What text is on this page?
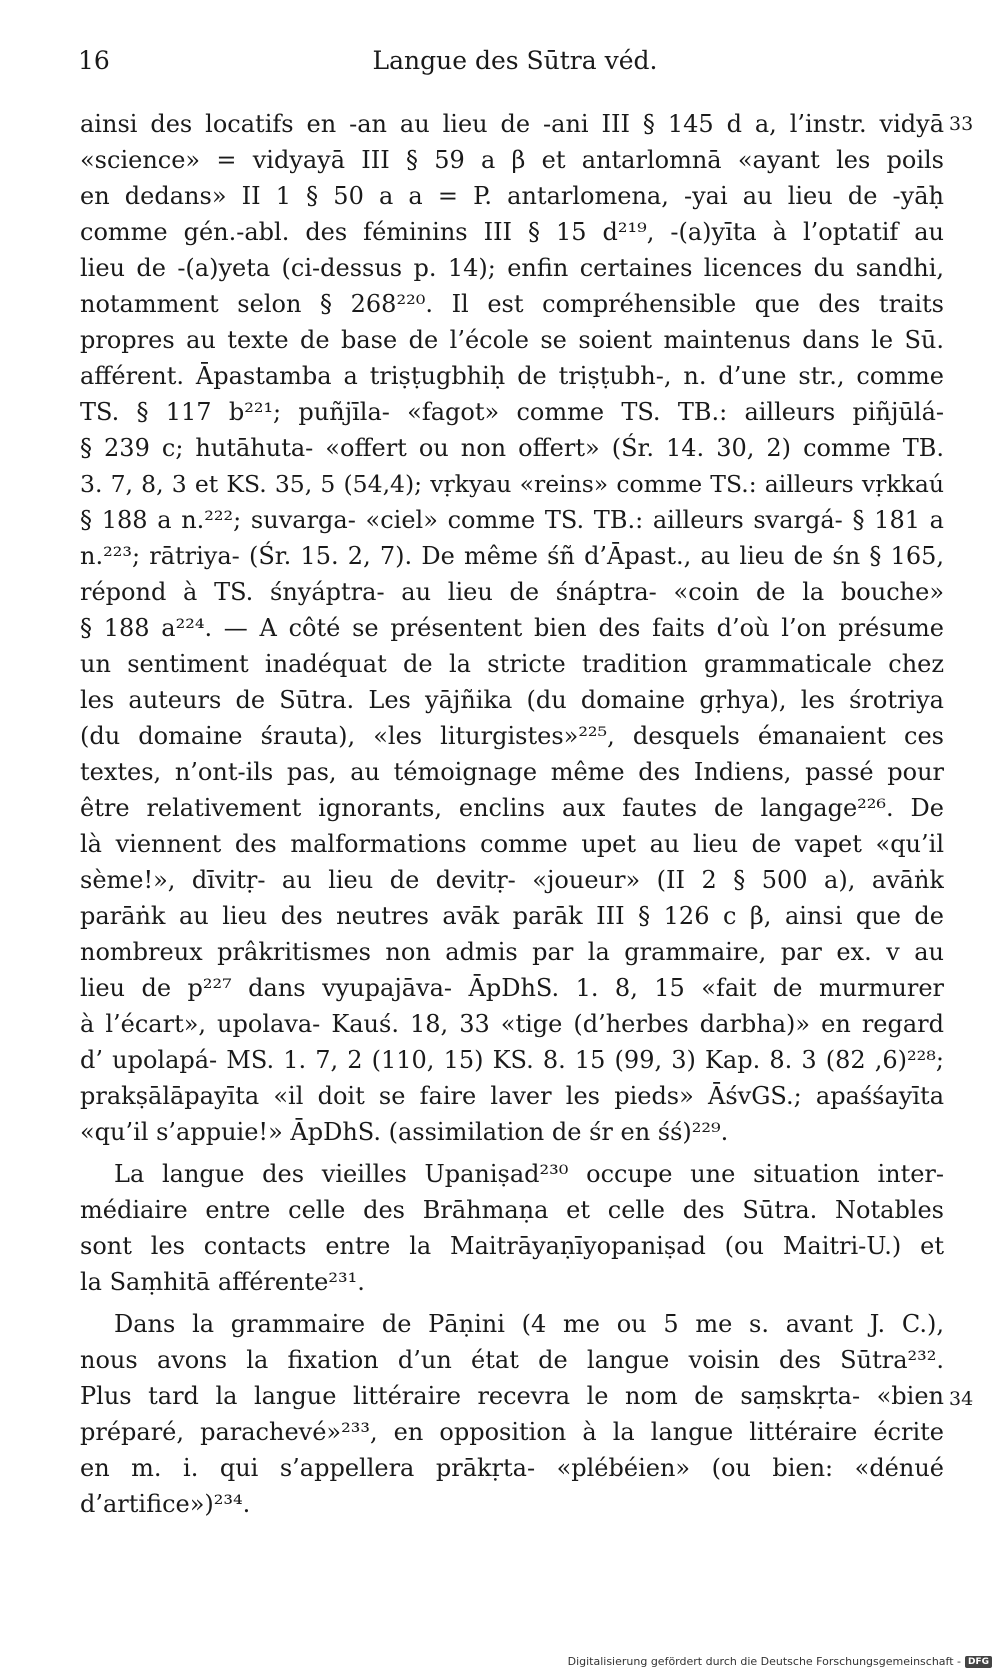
16	Langue des Sūtra véd.
33
34
ainsi des locatifs en -an au lieu de -ani III § 145 d a, l’instr. vidyā
«science» = vidyayā III § 59 a β et antarlomnā «ayant les poils
en dedans» II 1 § 50 a a = P. antarlomena, -yai au lieu de -yāḥ
comme gén.-abl. des féminins III § 15 d²¹⁹, -(a)yīta à l’optatif au
lieu de -(a)yeta (ci-dessus p. 14); enfin certaines licences du sandhi,
notamment selon § 268²²⁰. Il est compréhensible que des traits
propres au texte de base de l’école se soient maintenus dans le Sū.
afférent. Āpastamba a triṣṭugbhiḥ de triṣṭubh-, n. d’une str., comme
TS. § 117 b²²¹; puñjīla- «fagot» comme TS. TB.: ailleurs piñjūlá-
§ 239 c; hutāhuta- «offert ou non offert» (Śr. 14. 30, 2) comme TB.
3. 7, 8, 3 et KS. 35, 5 (54,4); vṛkyau «reins» comme TS.: ailleurs vṛkkaú
§ 188 a n.²²²; suvarga- «ciel» comme TS. TB.: ailleurs svargá- § 181 a
n.²²³; rātriya- (Śr. 15. 2, 7). De même śñ d’Āpast., au lieu de śn § 165,
répond à TS. śnyáptra- au lieu de śnáptra- «coin de la bouche»
§ 188 a²²⁴. — A côté se présentent bien des faits d’où l’on présume
un sentiment inadéquat de la stricte tradition grammaticale chez
les auteurs de Sūtra. Les yājñika (du domaine gṛhya), les śrotriya
(du domaine śrauta), «les liturgistes»²²⁵, desquels émanaient ces
textes, n’ont-ils pas, au témoignage même des Indiens, passé pour
être relativement ignorants, enclins aux fautes de langage²²⁶. De
là viennent des malformations comme upet au lieu de vapet «qu’il
sème!», dīvitṛ- au lieu de devitṛ- «joueur» (II 2 § 500 a), avāṅk
parāṅk au lieu des neutres avāk parāk III § 126 c β, ainsi que de
nombreux prâkritismes non admis par la grammaire, par ex. v au
lieu de p²²⁷ dans vyupajāva- ĀpDhS. 1. 8, 15 «fait de murmurer
à l’écart», upolava- Kauś. 18, 33 «tige (d’herbes darbha)» en regard
d’ upolapá- MS. 1. 7, 2 (110, 15) KS. 8. 15 (99, 3) Kap. 8. 3 (82 ,6)²²⁸;
prakṣālāpayīta «il doit se faire laver les pieds» ĀśvGS.; apaśśayīta
«qu’il s’appuie!» ĀpDhS. (assimilation de śr en śś)²²⁹.
La langue des vieilles Upaniṣad²³⁰ occupe une situation inter-
médiaire entre celle des Brāhmaṇa et celle des Sūtra. Notables
sont les contacts entre la Maitrāyaṇīyopaniṣad (ou Maitri-U.) et
la Saṃhitā afférente²³¹.
Dans la grammaire de Pāṇini (4 me ou 5 me s. avant J. C.),
nous avons la fixation d’un état de langue voisin des Sūtra²³².
Plus tard la langue littéraire recevra le nom de saṃskṛta- «bien
préparé, parachevé»²³³, en opposition à la langue littéraire écrite
en m. i. qui s’appellera prākṛta- «plébéien» (ou bien: «dénué
d’artifice»)²³⁴.
Digitalisierung gefördert durch die Deutsche Forschungsgemeinschaft - DFG
